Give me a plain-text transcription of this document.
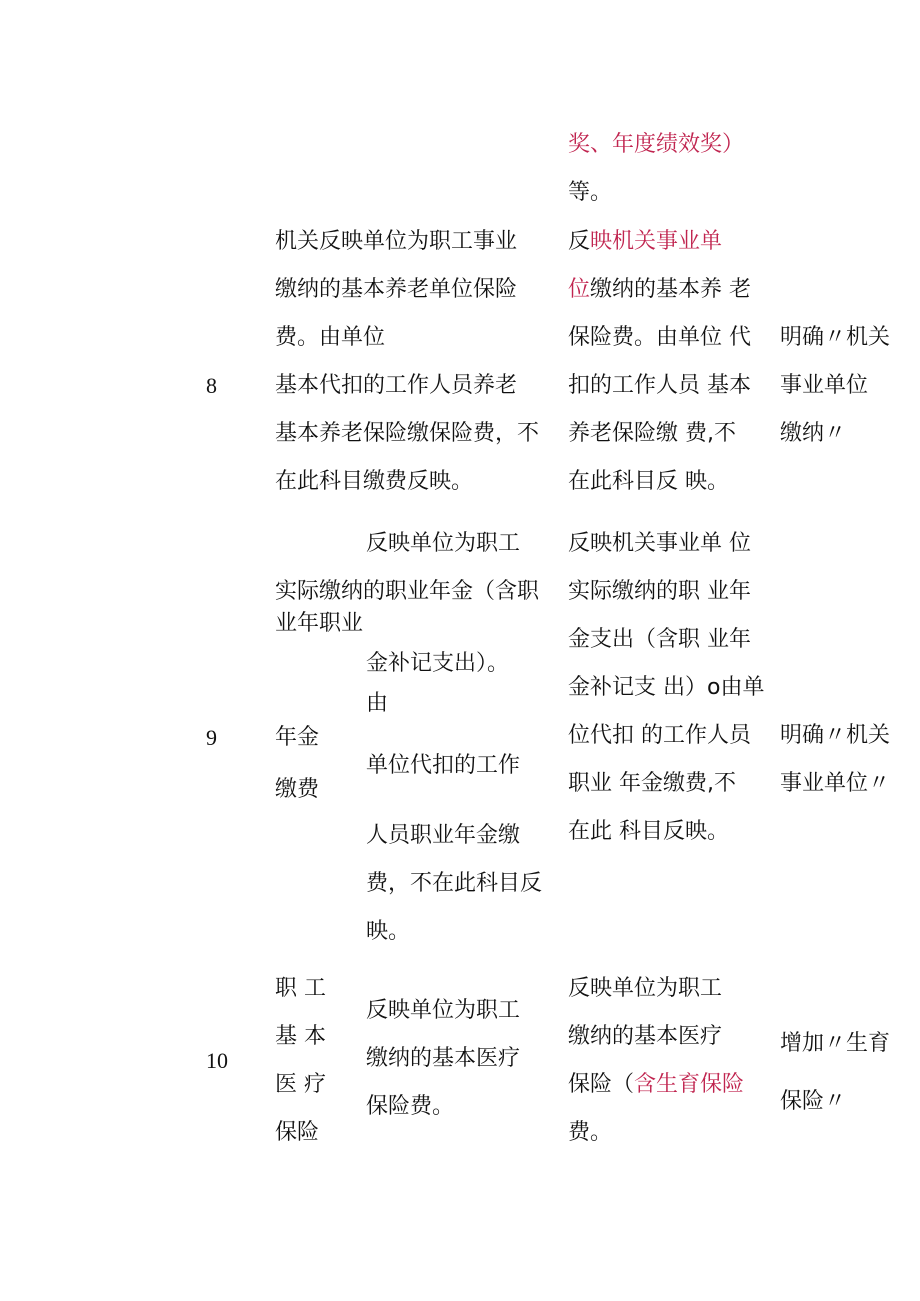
奖、年度绩效奖）
等。
8
机关反映单位为职工事业
缴纳的基本养老单位保险
费。由单位
基本代扣的工作人员养老
基本养老保险缴保险费，不
在此科目缴费反映。
反映机关事业单
位缴纳的基本养 老
保险费。由单位 代
扣的工作人员 基本
养老保险缴 费,不
在此科目反 映。
明确〃机关
事业单位
缴纳〃
9
反映单位为职工
实际缴纳的职业年金（含职
业年职业
年金
缴费
金补记支出）。
由
单位代扣的工作
人员职业年金缴
费，不在此科目反
映。
反映机关事业单 位
实际缴纳的职 业年
金支出（含职 业年
金补记支 出）o由单
位代扣 的工作人员
职业 年金缴费,不
在此 科目反映。
明确〃机关
事业单位〃
10
职 工
基 本
医 疗
保险
反映单位为职工
缴纳的基本医疗
保险费。
反映单位为职工
缴纳的基本医疗
保险（含生育保险
费。
增加〃生育
保险〃
